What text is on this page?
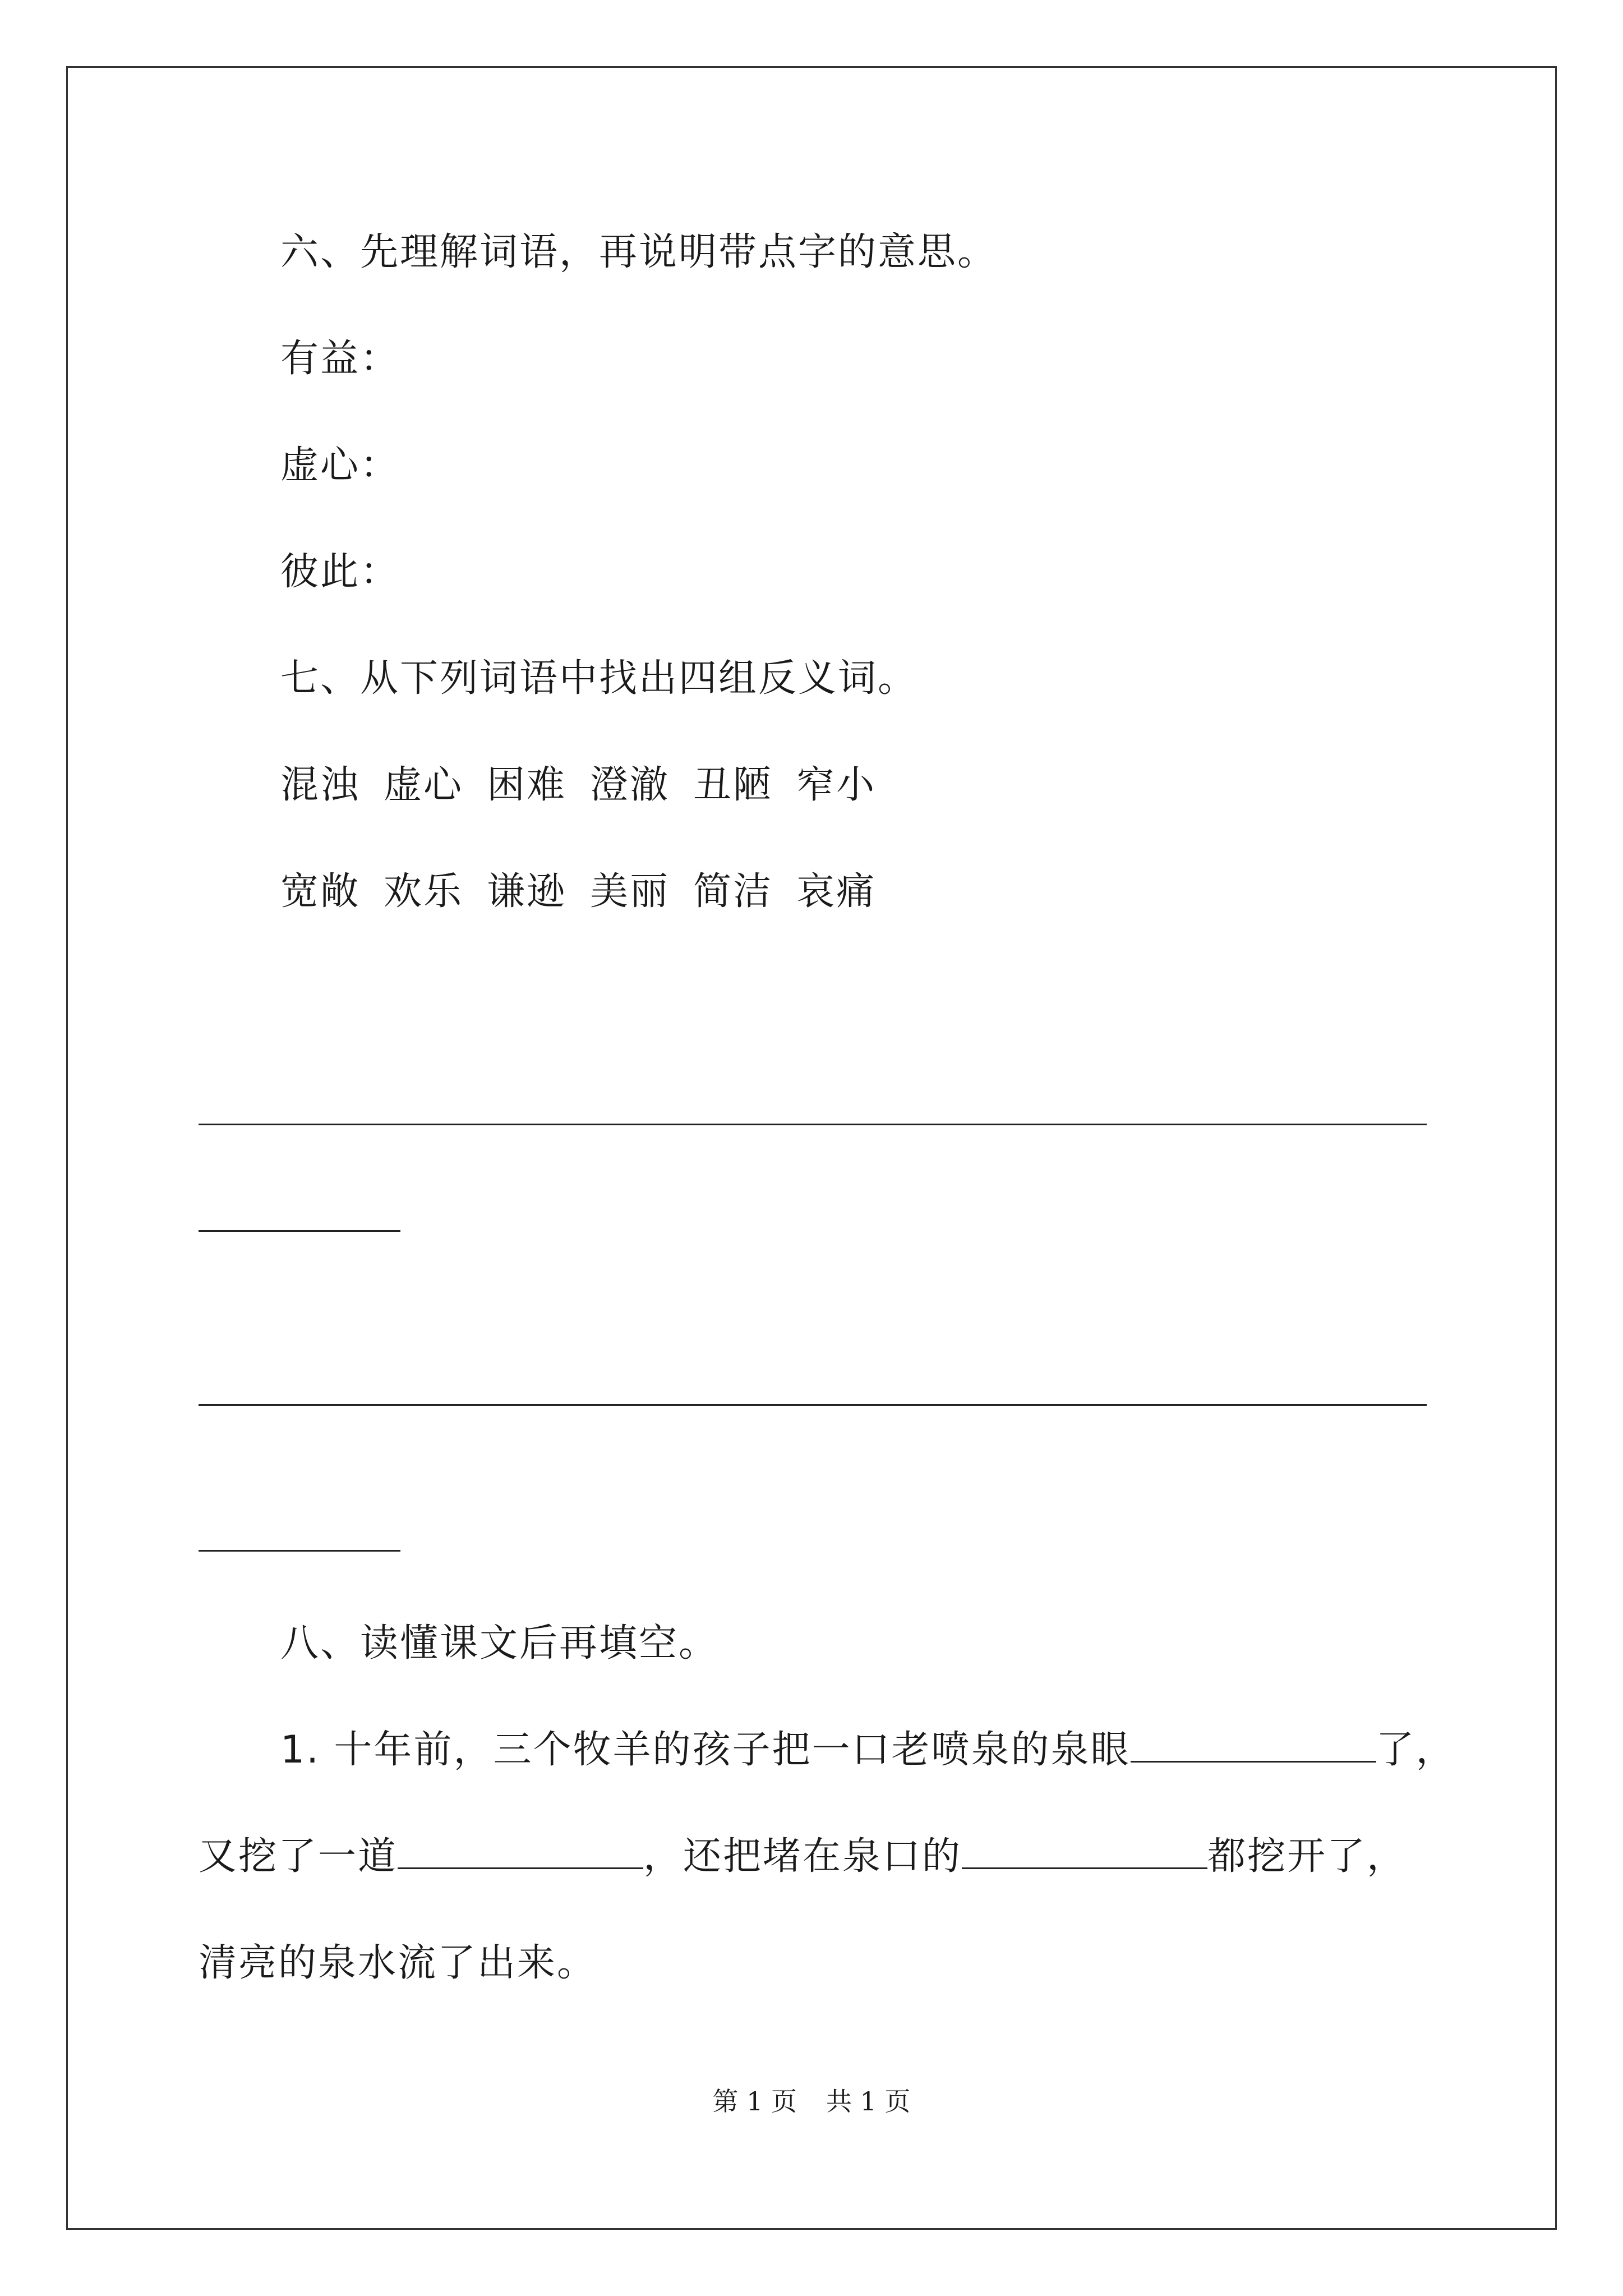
六、先理解词语，再说明带点字的意思。
有益：
虚心：
彼此：
七、从下列词语中找出四组反义词。
混浊 虚心 困难 澄澈 丑陋 窄小
宽敞 欢乐 谦逊 美丽 简洁 哀痛
八、读懂课文后再填空。
1. 十年前，三个牧羊的孩子把一口老喷泉的泉眼	了，
又挖了一道	，还把堵在泉口的	都挖开了，
清亮的泉水流了出来。
第 1 页 共 1 页
